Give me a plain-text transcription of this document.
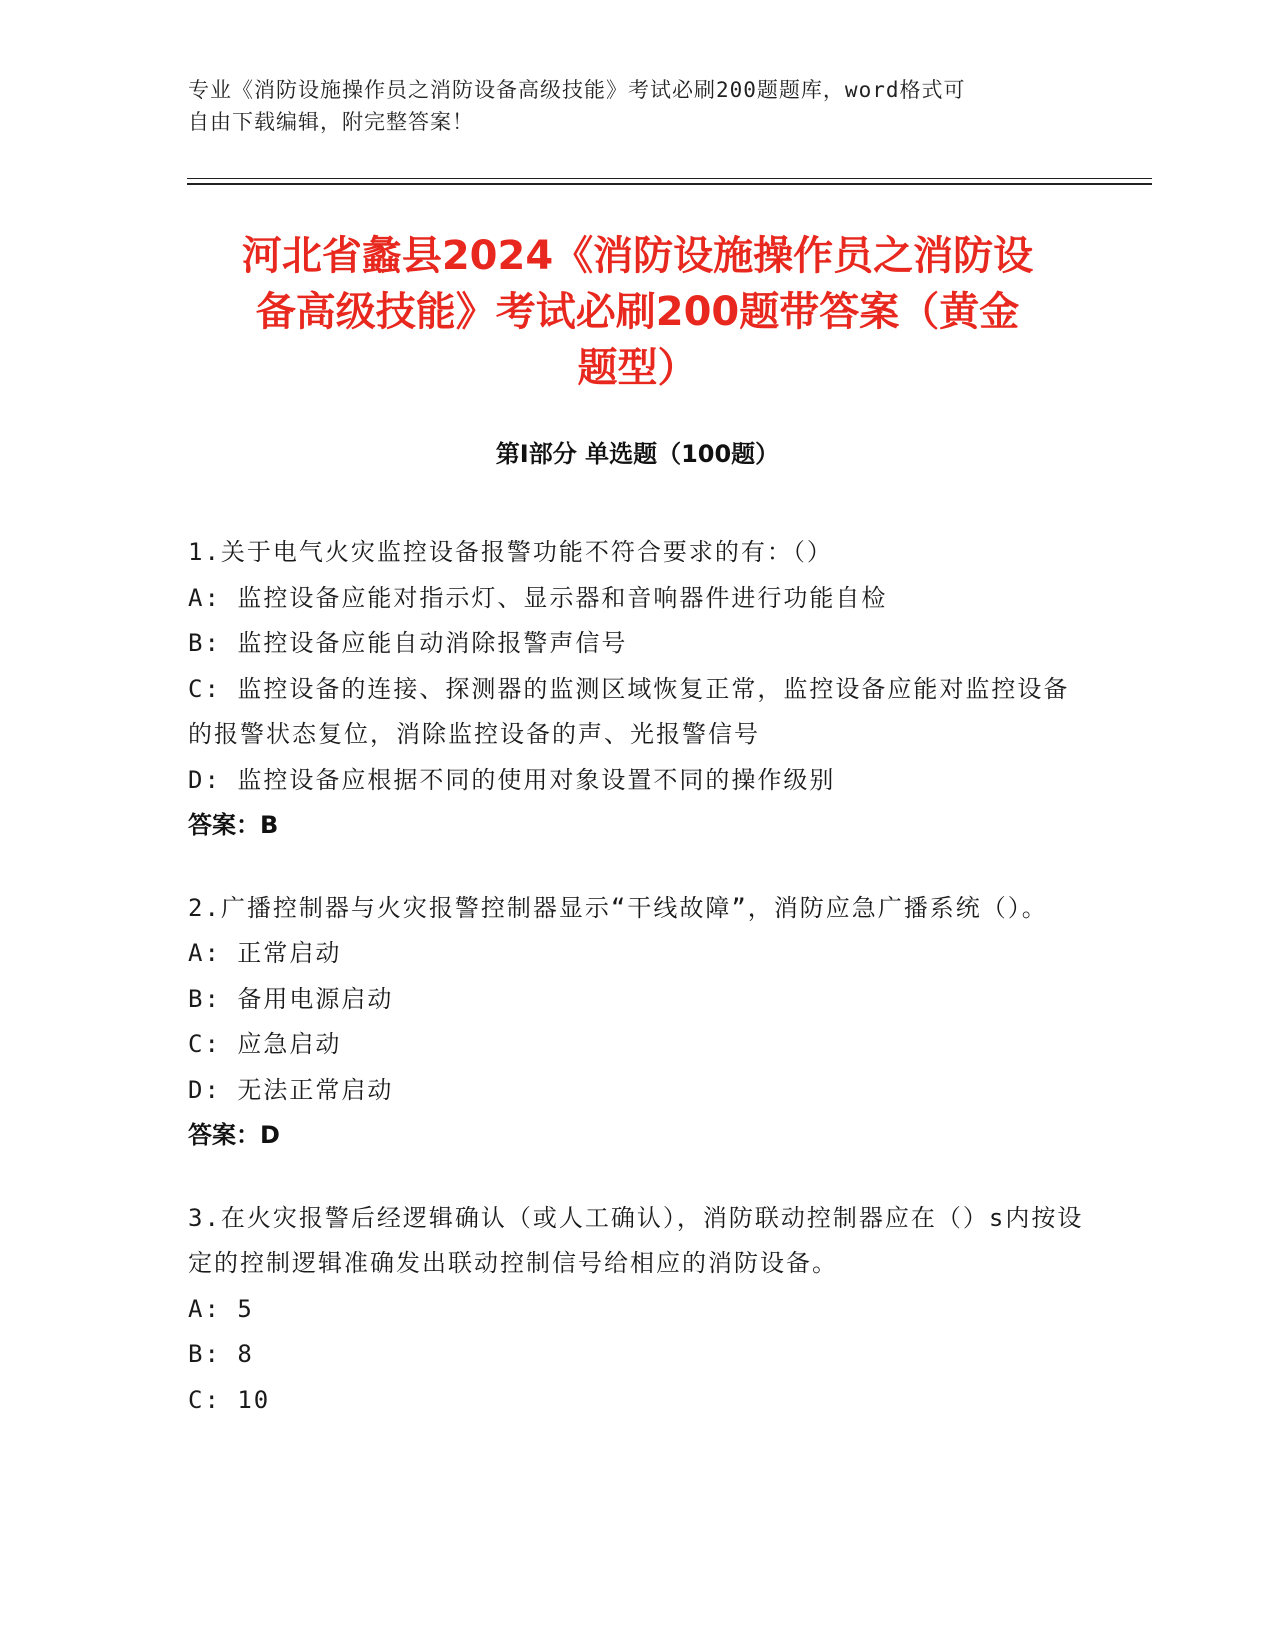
专业《消防设施操作员之消防设备高级技能》考试必刷200题题库，word格式可
自由下载编辑，附完整答案！
河北省蠡县2024《消防设施操作员之消防设
备高级技能》考试必刷200题带答案（黄金
题型）
第Ⅰ部分 单选题（100题）
1.关于电气火灾监控设备报警功能不符合要求的有：（）
A: 监控设备应能对指示灯、显示器和音响器件进行功能自检
B: 监控设备应能自动消除报警声信号
C: 监控设备的连接、探测器的监测区域恢复正常，监控设备应能对监控设备的报警状态复位，消除监控设备的声、光报警信号
D: 监控设备应根据不同的使用对象设置不同的操作级别
答案：B
2.广播控制器与火灾报警控制器显示“干线故障”，消防应急广播系统（）。
A: 正常启动
B: 备用电源启动
C: 应急启动
D: 无法正常启动
答案：D
3.在火灾报警后经逻辑确认（或人工确认），消防联动控制器应在（）s内按设定的控制逻辑准确发出联动控制信号给相应的消防设备。
A: 5
B: 8
C: 10
